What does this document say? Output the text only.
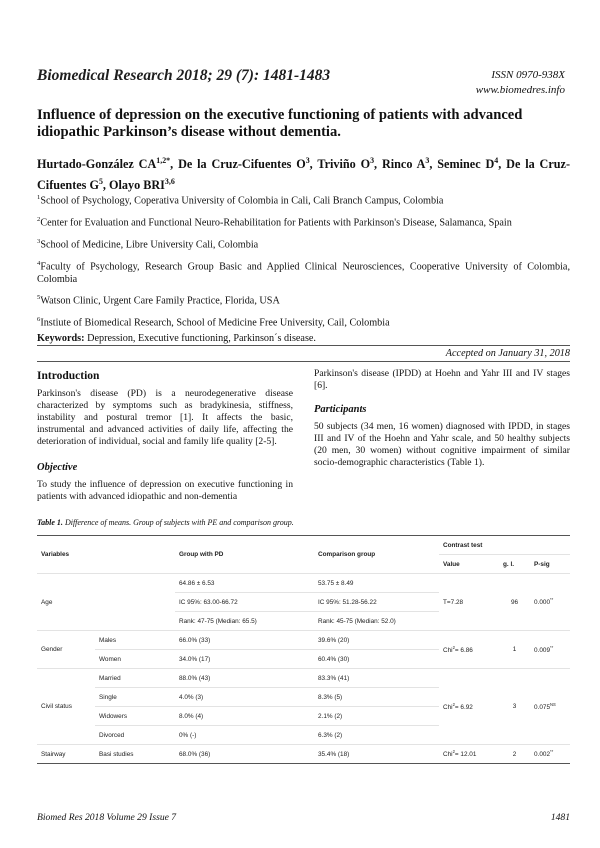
Biomedical Research 2018; 29 (7): 1481-1483	ISSN 0970-938X
www.biomedres.info
Influence of depression on the executive functioning of patients with advanced idiopathic Parkinson’s disease without dementia.
Hurtado-González $CA^{1,2*}$, De la Cruz-Cifuentes $O^3$, Triviño $O^3$, Rinco $A^3$, Seminec $D^4$, De la Cruz-Cifuentes $G^5$, Olayo BRI$^{3,6}$
$^1$School of Psychology, Coperativa University of Colombia in Cali, Cali Branch Campus, Colombia
$^2$Center for Evaluation and Functional Neuro-Rehabilitation for Patients with Parkinson's Disease, Salamanca, Spain
$^3$School of Medicine, Libre University Cali, Colombia
$^4$Faculty of Psychology, Research Group Basic and Applied Clinical Neurosciences, Cooperative University of Colombia, Colombia
$^5$Watson Clinic, Urgent Care Family Practice, Florida, USA
$^6$Instiute of Biomedical Research, School of Medicine Free University, Cail, Colombia
Keywords: Depression, Executive functioning, Parkinson´s disease.
Accepted on January 31, 2018
Introduction

Parkinson's disease (PD) is a neurodegenerative disease characterized by symptoms such as bradykinesia, stiffness, instability and postural tremor [1]. It affects the basic, instrumental and advanced activities of daily life, affecting the deterioration of individual, social and family life quality [2-5].

Objective

To study the influence of depression on executive functioning in patients with advanced idiopathic and non-dementia

Parkinson's disease (IPDD) at Hoehn and Yahr III and IV stages [6].

Participants

50 subjects (34 men, 16 women) diagnosed with IPDD, in stages III and IV of the Hoehn and Yahr scale, and 50 healthy subjects (20 men, 30 women) without cognitive impairment of similar socio-demographic characteristics (Table 1).

Table 1. Difference of means. Group of subjects with PE and comparison group.
Variables		Group with PD	Comparison group	Contrast test		
				Value	g. l.	P-sig
Age		64.86 ± 6.53	53.75 ± 8.49	T=7.28	96	0.000**
		IC 95%: 63.00-66.72	IC 95%: 51.28-56.22			
		Rank: 47-75 (Median: 65.5)	Rank: 45-75 (Median: 52.0)			
Gender	Males	66.0% (33)	39.6% (20)	Chi$^2$= 6.86	1	0.009**
	Women	34.0% (17)	60.4% (30)			
Civil status	Married	88.0% (43)	83.3% (41)	Chi$^2$= 6.92	3	$0.075^{NS}$
	Single	4.0% (3)	8.3% (5)			
	Widowers	8.0% (4)	2.1% (2)			
	Divorced	0% (-)	6.3% (2)			
Stairway	Basi studies	68.0% (36)	35.4% (18)	Chi$^2$= 12.01	2	0.002**
Biomed Res 2018 Volume 29 Issue 7	1481
